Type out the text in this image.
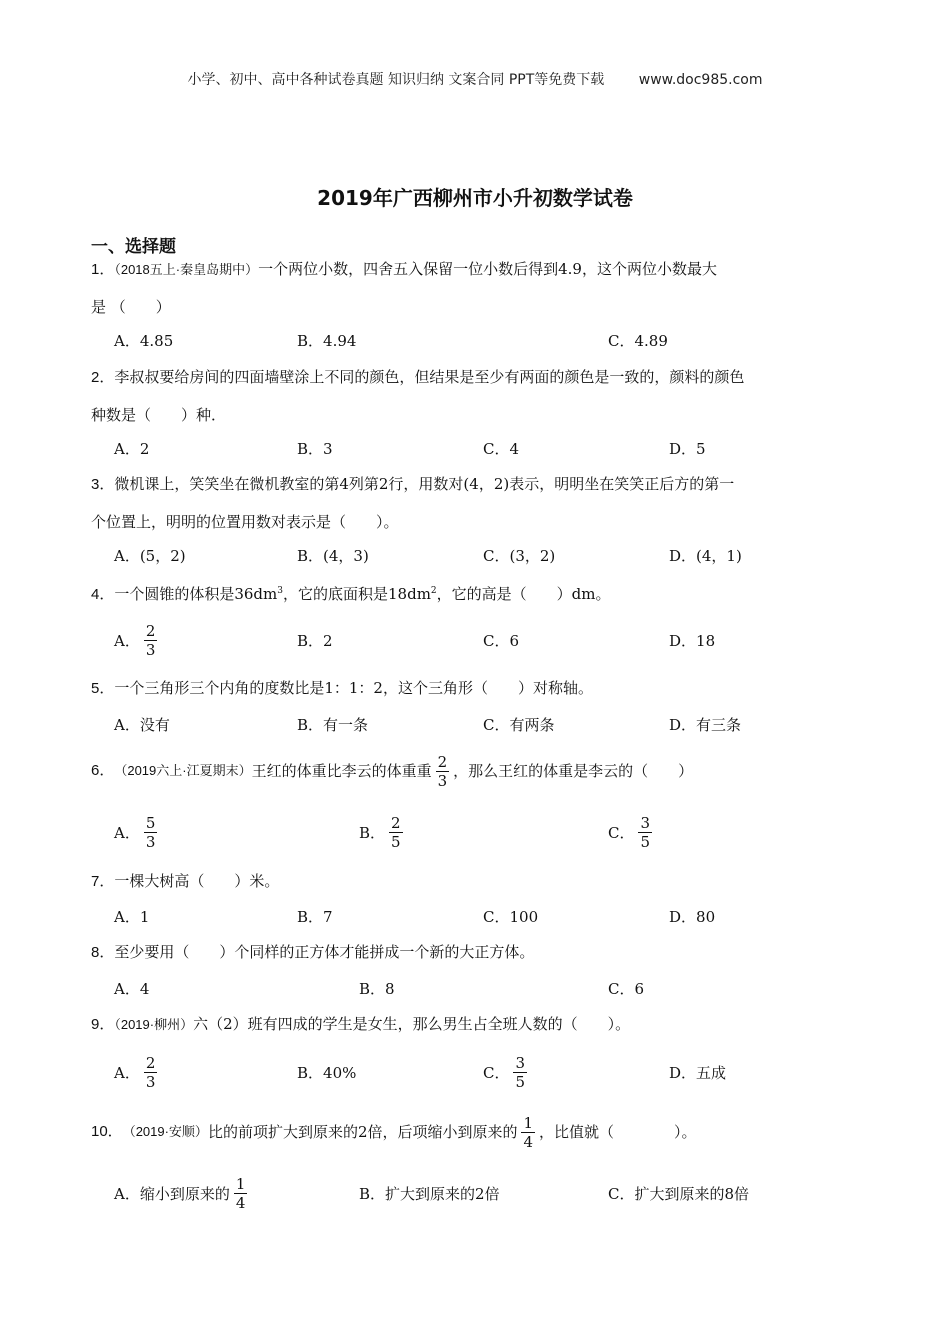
小学、初中、高中各种试卷真题 知识归纳 文案合同 PPT等免费下载 www.doc985.com
2019年广西柳州市小升初数学试卷
一、选择题
1．（2018五上·秦皇岛期中）一个两位小数，四舍五入保留一位小数后得到4.9，这个两位小数最大
是 （　　）
A．4.85	B．4.94	C．4.89
2．李叔叔要给房间的四面墙壁涂上不同的颜色，但结果是至少有两面的颜色是一致的，颜料的颜色
种数是（　　）种．
A．2	B．3	C．4	D．5
3．微机课上，笑笑坐在微机教室的第4列第2行，用数对(4，2)表示，明明坐在笑笑正后方的第一
个位置上，明明的位置用数对表示是（　　）。
A．(5，2)	B．(4，3)	C．(3，2)	D．(4，1)
4．一个圆锥的体积是$36dm^3$，它的底面积是$18dm^2$，它的高是（　　）dm。
A． $\frac{2}{3}$	B．2	C．6	D．18
5．一个三角形三个内角的度数比是1：1：2，这个三角形（　　）对称轴。
A．没有	B．有一条	C．有两条	D．有三条
6． （2019六上·江夏期末） 王红的体重比李云的体重重 $\frac{2}{3}$ ，那么王红的体重是李云的（　　）
A． $\frac{5}{3}$	B． $\frac{2}{5}$	C． $\frac{3}{5}$
7．一棵大树高（　　）米。
A．1	B．7	C．100	D．80
8．至少要用（　　）个同样的正方体才能拼成一个新的大正方体。
A．4	B．8	C．6
9．（2019·柳州）六（2）班有四成的学生是女生，那么男生占全班人数的（　　）。
A． $\frac{2}{3}$	B．40%	C． $\frac{3}{5}$	D．五成
10． （2019·安顺） 比的前项扩大到原来的2倍，后项缩小到原来的 $\frac{1}{4}$ ，比值就（　　　　）。
A．缩小到原来的 $\frac{1}{4}$	B．扩大到原来的2倍	C．扩大到原来的8倍
